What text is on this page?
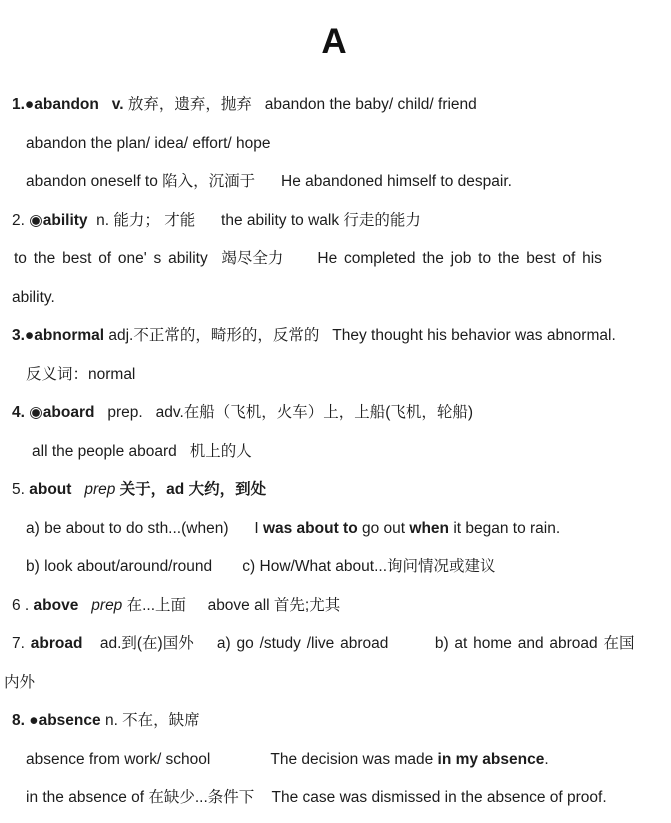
A
1.●abandon   v. 放弃，遗弃，抛弃   abandon the baby/ child/ friend
abandon the plan/ idea/ effort/ hope
abandon oneself to 陷入，沉湎于      He abandoned himself to despair.
2. ◉ability  n. 能力； 才能      the ability to walk 行走的能力
to the best of one' s ability  竭尽全力     He completed the job to the best of his
ability.
3.●abnormal adj.不正常的，畸形的，反常的   They thought his behavior was abnormal.
反义词：normal
4. ◉aboard   prep.   adv.在船（飞机，火车）上，上船(飞机，轮船)
all the people aboard   机上的人
5. about prep 关于，ad 大约，到处
a) be about to do sth...(when)      I was about to go out when it began to rain.
b) look about/around/round       c) How/What about...询问情况或建议
6 . above prep 在...上面     above all 首先;尤其
7. abroad   ad.到(在)国外    a) go /study /live abroad        b) at home and abroad 在国
内外
8. ●absence n. 不在，缺席
absence from work/ school              The decision was made in my absence.
in the absence of 在缺少...条件下    The case was dismissed in the absence of proof.
